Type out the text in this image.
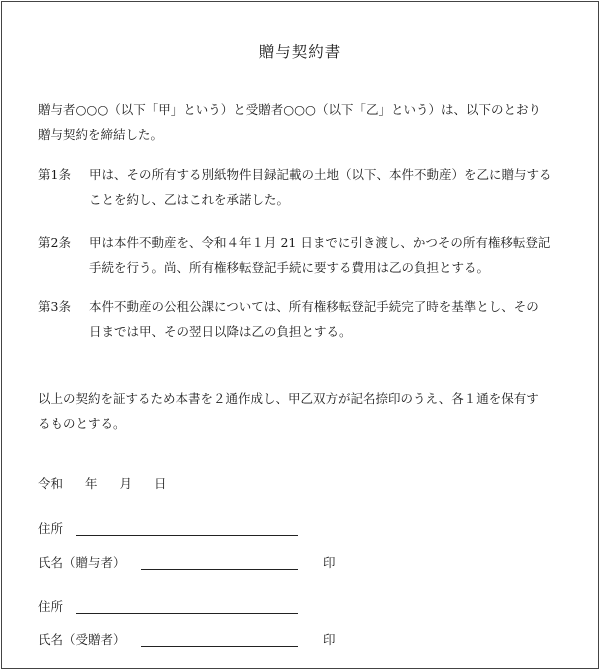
贈与契約書
贈与者○○○（以下「甲」という）と受贈者○○○（以下「乙」という）は、以下のとおり
贈与契約を締結した。
第1条 甲は、その所有する別紙物件目録記載の土地（以下、本件不動産）を乙に贈与する
ことを約し、乙はこれを承諾した。
第2条 甲は本件不動産を、令和４年１月 21 日までに引き渡し、かつその所有権移転登記
手続を行う。尚、所有権移転登記手続に要する費用は乙の負担とする。
第3条 本件不動産の公租公課については、所有権移転登記手続完了時を基準とし、その
日までは甲、その翌日以降は乙の負担とする。
以上の契約を証するため本書を２通作成し、甲乙双方が記名捺印のうえ、各１通を保有す
るものとする。
令和 年 月 日
住所
氏名（贈与者）	印
住所
氏名（受贈者）	印
